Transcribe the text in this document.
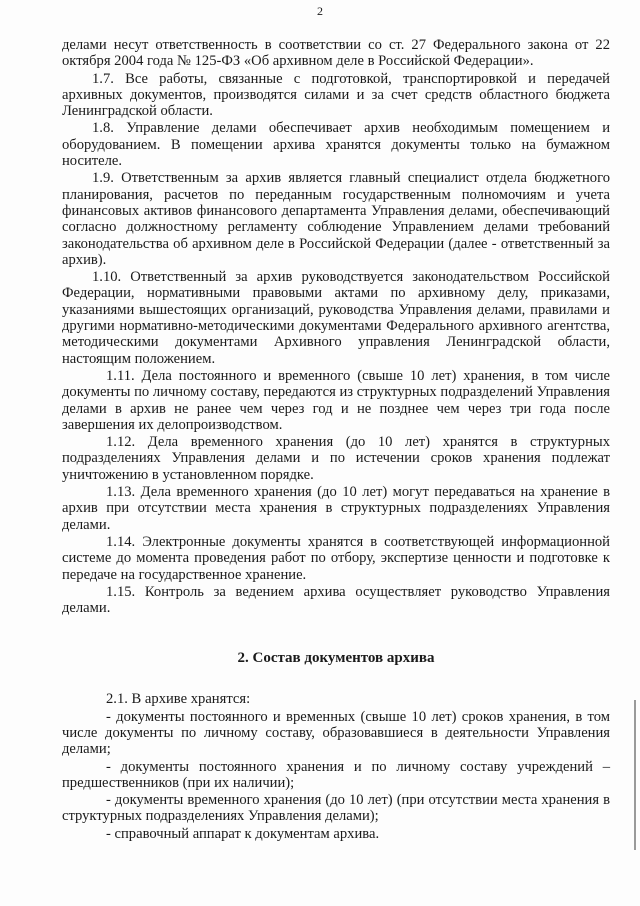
2

делами несут ответственность в соответствии со ст. 27 Федерального закона от 22 октября 2004 года № 125-ФЗ «Об архивном деле в Российской Федерации».

1.7. Все работы, связанные с подготовкой, транспортировкой и передачей архивных документов, производятся силами и за счет средств областного бюджета Ленинградской области.

1.8. Управление делами обеспечивает архив необходимым помещением и оборудованием. В помещении архива хранятся документы только на бумажном носителе.

1.9. Ответственным за архив является главный специалист отдела бюджетного планирования, расчетов по переданным государственным полномочиям и учета финансовых активов финансового департамента Управления делами, обеспечивающий согласно должностному регламенту соблюдение Управлением делами требований законодательства об архивном деле в Российской Федерации (далее - ответственный за архив).

1.10. Ответственный за архив руководствуется законодательством Российской Федерации, нормативными правовыми актами по архивному делу, приказами, указаниями вышестоящих организаций, руководства Управления делами, правилами и другими нормативно-методическими документами Федерального архивного агентства, методическими документами Архивного управления Ленинградской области, настоящим положением.

1.11. Дела постоянного и временного (свыше 10 лет) хранения, в том числе документы по личному составу, передаются из структурных подразделений Управления делами в архив не ранее чем через год и не позднее чем через три года после завершения их делопроизводством.

1.12. Дела временного хранения (до 10 лет) хранятся в структурных подразделениях Управления делами и по истечении сроков хранения подлежат уничтожению в установленном порядке.

1.13. Дела временного хранения (до 10 лет) могут передаваться на хранение в архив при отсутствии места хранения в структурных подразделениях Управления делами.

1.14. Электронные документы хранятся в соответствующей информационной системе до момента проведения работ по отбору, экспертизе ценности и подготовке к передаче на государственное хранение.

1.15. Контроль за ведением архива осуществляет руководство Управления делами.

2. Состав документов архива

2.1. В архиве хранятся:

- документы постоянного и временных (свыше 10 лет) сроков хранения, в том числе документы по личному составу, образовавшиеся в деятельности Управления делами;

- документы постоянного хранения и по личному составу учреждений – предшественников (при их наличии);

- документы временного хранения (до 10 лет) (при отсутствии места хранения в структурных подразделениях Управления делами);

- справочный аппарат к документам архива.
